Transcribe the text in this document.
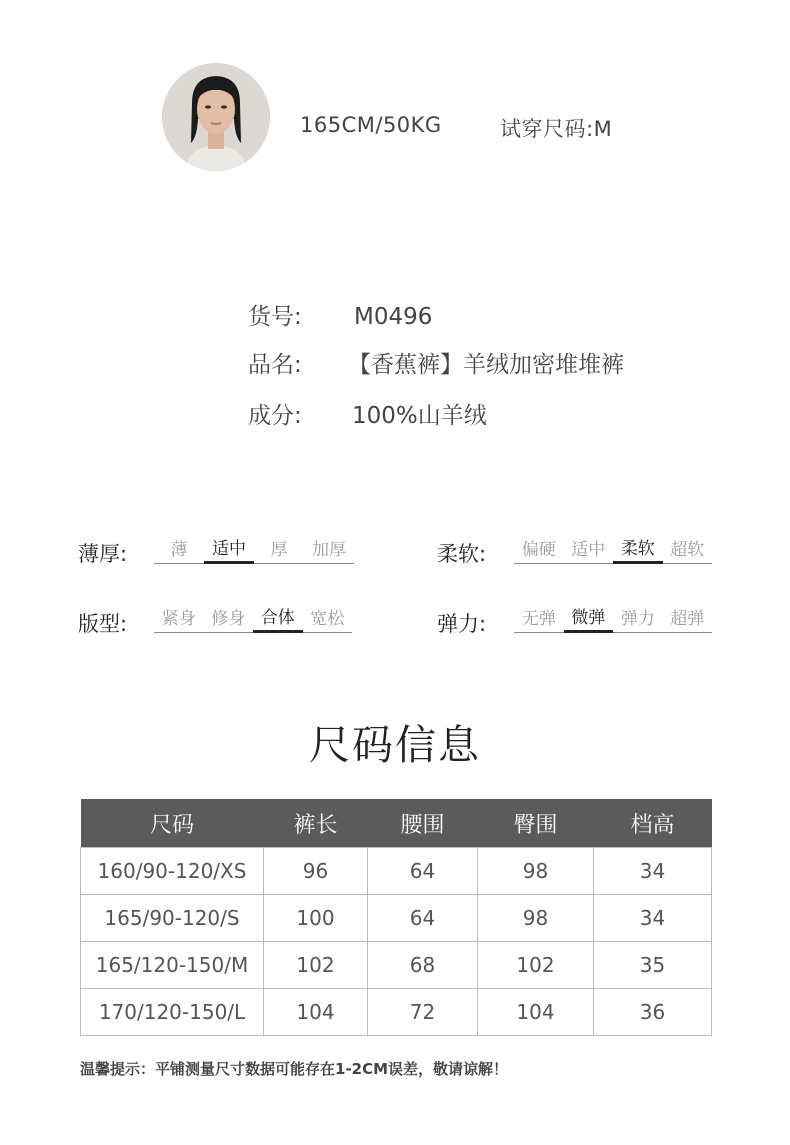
165CM/50KG	试穿尺码:M
货号: M0496
品名: 【香蕉裤】羊绒加密堆堆裤
成分: 100%山羊绒
薄厚:	薄	适中	厚	加厚	柔软:	偏硬 适中 柔软 超软
版型:	紧身 修身 合体 宽松	弹力:	无弹 微弹 弹力 超弹
尺码信息
尺码	裤长	腰围	臀围	档高
160/90-120/XS	96	64	98	34
165/90-120/S	100	64	98	34
165/120-150/M	102	68	102	35
170/120-150/L	104	72	104	36
温馨提示：平铺测量尺寸数据可能存在1-2CM误差，敬请谅解！
